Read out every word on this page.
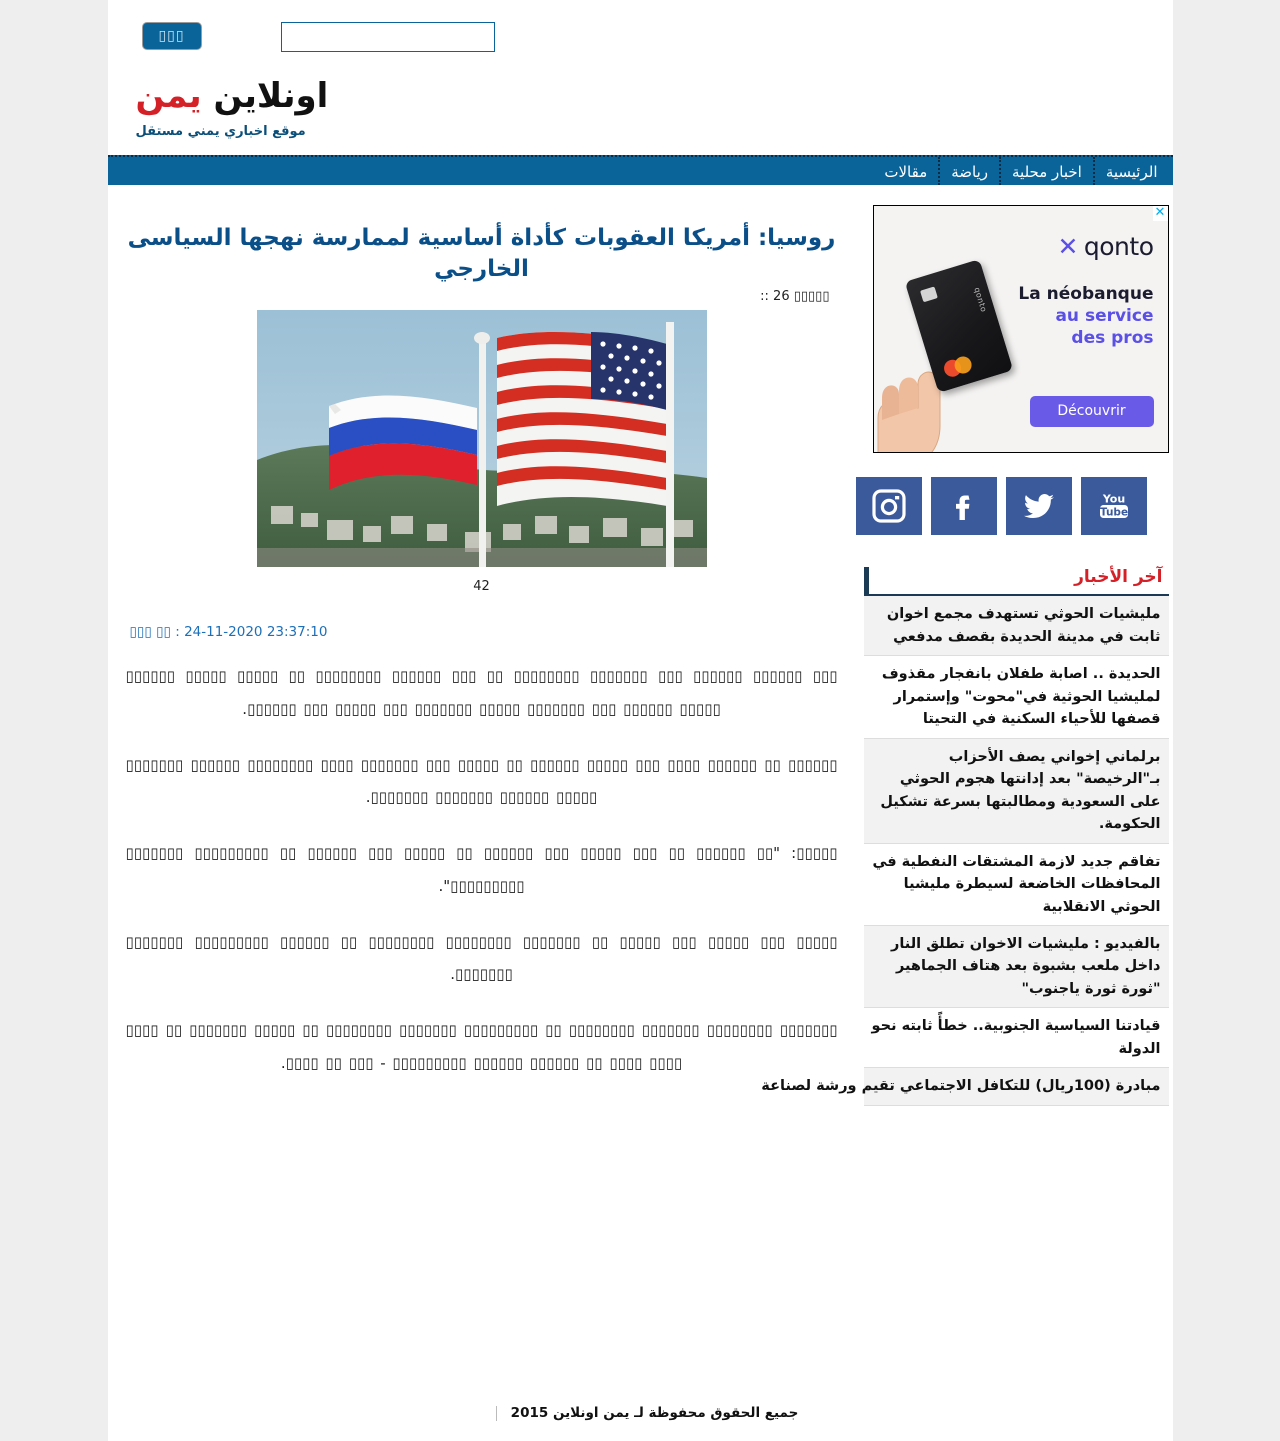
▯▯▯
اونلاين يمن
موقع اخباري يمني مستقل
الرئيسية
اخبار محلية
رياضة
مقالات
✕
qonto
✕ qonto
La néobanque
au service
des pros
Découvrir
You
Tube
آخر الأخبار
مليشيات الحوثي تستهدف مجمع اخوان ثابت في مدينة الحديدة بقصف مدفعي
الحديدة .. اصابة طفلان بانفجار مقذوف لمليشيا الحوثية في"محوت" وإستمرار قصفها للأحياء السكنية في التحيتا
برلماني إخواني يصف الأحزاب بـ"الرخيصة" بعد إدانتها هجوم الحوثي على السعودية ومطالبتها بسرعة تشكيل الحكومة.
تفاقم جديد لازمة المشتقات النفطية في المحافظات الخاضعة لسيطرة مليشيا الحوثي الانقلابية
بالفيديو : مليشيات الاخوان تطلق النار داخل ملعب بشبوة بعد هتاف الجماهير "ثورة ثورة ياجنوب"
قيادتنا السياسية الجنوبية.. خطأً ثابته نحو الدولة
مبادرة (100ريال) للتكافل الاجتماعي تقيم ورشة لصناعة
روسيا: أمريكا العقوبات كأداة أساسية لممارسة نهجها السياسى الخارجي
:: 26 ▯▯▯▯▯
42
▯▯▯ ▯▯ : 24-11-2020 23:37:10

▯▯▯ ▯▯▯▯▯▯ ▯▯▯▯▯▯ ▯▯▯ ▯▯▯▯▯▯▯ ▯▯▯▯▯▯▯▯ ▯▯ ▯▯▯ ▯▯▯▯▯▯ ▯▯▯▯▯▯▯▯ ▯▯ ▯▯▯▯▯ ▯▯▯▯▯ ▯▯▯▯▯▯ ▯▯▯▯▯ ▯▯▯▯▯▯ ▯▯▯ ▯▯▯▯▯▯▯ ▯▯▯▯▯ ▯▯▯▯▯▯▯ ▯▯▯ ▯▯▯▯▯ ▯▯▯ ▯▯▯▯▯▯.

▯▯▯▯▯▯ ▯▯ ▯▯▯▯▯▯ ▯▯▯▯ ▯▯▯ ▯▯▯▯▯ ▯▯▯▯▯▯ ▯▯ ▯▯▯▯▯ ▯▯▯ ▯▯▯▯▯▯▯ ▯▯▯▯ ▯▯▯▯▯▯▯▯ ▯▯▯▯▯▯ ▯▯▯▯▯▯▯ ▯▯▯▯▯ ▯▯▯▯▯▯ ▯▯▯▯▯▯▯ ▯▯▯▯▯▯▯.

▯▯▯▯▯: "▯▯ ▯▯▯▯▯▯ ▯▯ ▯▯▯ ▯▯▯▯▯ ▯▯▯ ▯▯▯▯▯▯ ▯▯ ▯▯▯▯▯ ▯▯▯ ▯▯▯▯▯▯ ▯▯ ▯▯▯▯▯▯▯▯▯ ▯▯▯▯▯▯▯ ▯▯▯▯▯▯▯▯▯".

▯▯▯▯▯ ▯▯▯ ▯▯▯▯▯ ▯▯▯ ▯▯▯▯▯ ▯▯ ▯▯▯▯▯▯▯ ▯▯▯▯▯▯▯▯ ▯▯▯▯▯▯▯▯ ▯▯ ▯▯▯▯▯▯ ▯▯▯▯▯▯▯▯▯ ▯▯▯▯▯▯▯ ▯▯▯▯▯▯▯.

▯▯▯▯▯▯▯ ▯▯▯▯▯▯▯▯ ▯▯▯▯▯▯▯ ▯▯▯▯▯▯▯▯ ▯▯ ▯▯▯▯▯▯▯▯▯ ▯▯▯▯▯▯▯ ▯▯▯▯▯▯▯▯ ▯▯ ▯▯▯▯▯ ▯▯▯▯▯▯▯ ▯▯ ▯▯▯▯ ▯▯▯▯ ▯▯▯▯ ▯▯ ▯▯▯▯▯▯ ▯▯▯▯▯▯ ▯▯▯▯▯▯▯▯▯ - ▯▯▯ ▯▯ ▯▯▯▯.

جميع الحقوق محفوظة لـ يمن اونلاين 2015
